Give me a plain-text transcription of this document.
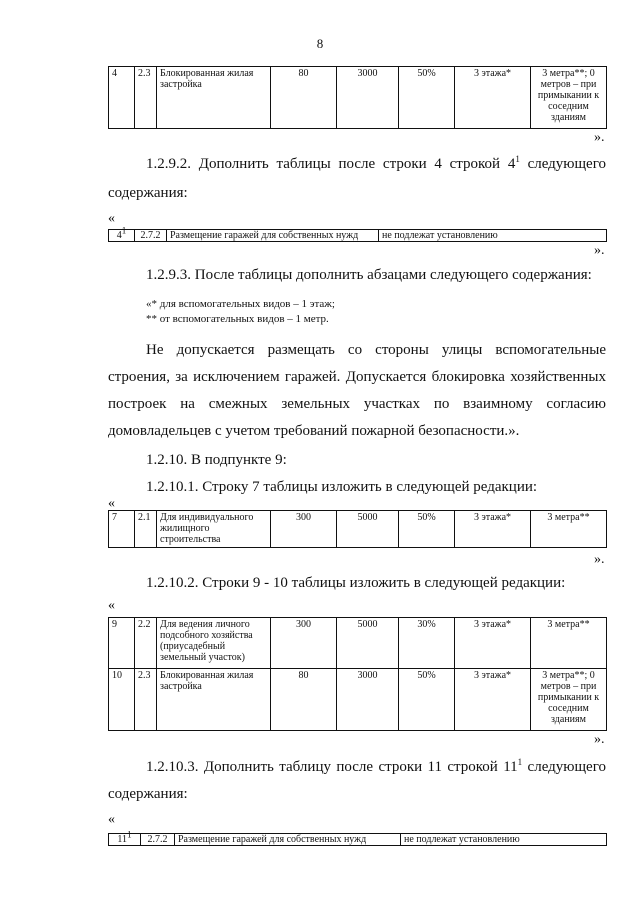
8
4	2.3	Блокированная жилая застройка	80	3000	50%	3 этажа*	3 метра**; 0 метров – при примыкании к соседним зданиям
».
1.2.9.2. Дополнить таблицы после строки 4 строкой $4^1$ следующего
содержания:
«
$4^1$	2.7.2	Размещение гаражей для собственных нужд	не подлежат установлению
».
1.2.9.3. После таблицы дополнить абзацами следующего содержания:
«* для вспомогательных видов – 1 этаж;
** от вспомогательных видов – 1 метр.
Не допускается размещать со стороны улицы вспомогательные
строения, за исключением гаражей. Допускается блокировка хозяйственных
построек на смежных земельных участках по взаимному согласию
домовладельцев с учетом требований пожарной безопасности.».
1.2.10. В подпункте 9:
1.2.10.1. Строку 7 таблицы изложить в следующей редакции:
«
7	2.1	Для индивидуального жилищного строительства	300	5000	50%	3 этажа*	3 метра**
».
1.2.10.2. Строки 9 - 10 таблицы изложить в следующей редакции:
«
9	2.2	Для ведения личного подсобного хозяйства (приусадебный земельный участок)	300	5000	30%	3 этажа*	3 метра**
10	2.3	Блокированная жилая застройка	80	3000	50%	3 этажа*	3 метра**; 0 метров – при примыкании к соседним зданиям
».
1.2.10.3. Дополнить таблицу после строки 11 строкой $11^1$ следующего
содержания:
«
$11^1$	2.7.2	Размещение гаражей для собственных нужд	не подлежат установлению
